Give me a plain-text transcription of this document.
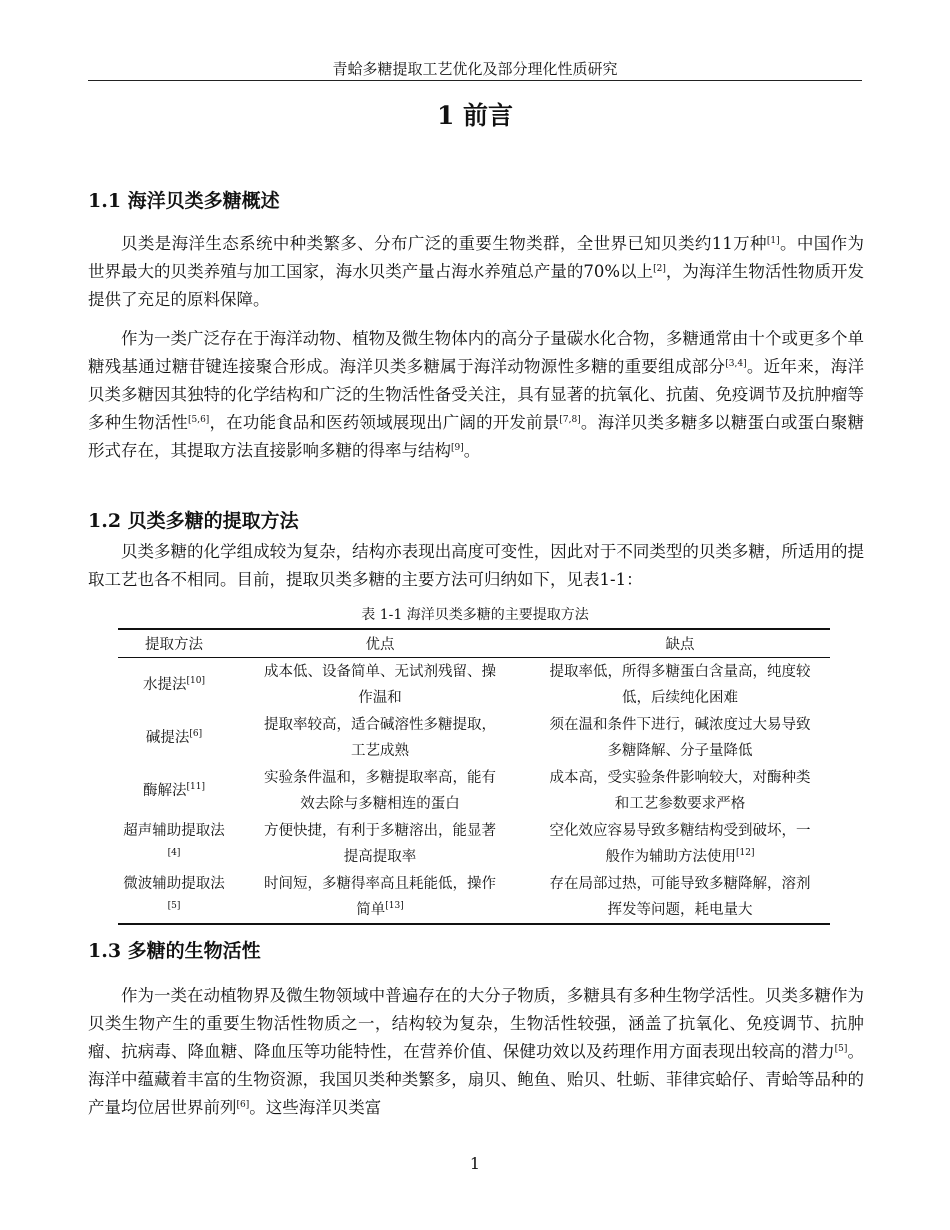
青蛤多糖提取工艺优化及部分理化性质研究
1 前言
1.1 海洋贝类多糖概述
贝类是海洋生态系统中种类繁多、分布广泛的重要生物类群，全世界已知贝类约11万种[1]。中国作为世界最大的贝类养殖与加工国家，海水贝类产量占海水养殖总产量的70%以上[2]，为海洋生物活性物质开发提供了充足的原料保障。
作为一类广泛存在于海洋动物、植物及微生物体内的高分子量碳水化合物，多糖通常由十个或更多个单糖残基通过糖苷键连接聚合形成。海洋贝类多糖属于海洋动物源性多糖的重要组成部分[3,4]。近年来，海洋贝类多糖因其独特的化学结构和广泛的生物活性备受关注，具有显著的抗氧化、抗菌、免疫调节及抗肿瘤等多种生物活性[5,6]，在功能食品和医药领域展现出广阔的开发前景[7,8]。海洋贝类多糖多以糖蛋白或蛋白聚糖形式存在，其提取方法直接影响多糖的得率与结构[9]。
1.2 贝类多糖的提取方法
贝类多糖的化学组成较为复杂，结构亦表现出高度可变性，因此对于不同类型的贝类多糖，所适用的提取工艺也各不相同。目前，提取贝类多糖的主要方法可归纳如下，见表1-1：
表 1-1 海洋贝类多糖的主要提取方法
提取方法	优点	缺点
水提法[10]	成本低、设备简单、无试剂残留、操作温和	提取率低，所得多糖蛋白含量高，纯度较低，后续纯化困难

碱提法[6]	提取率较高，适合碱溶性多糖提取，工艺成熟	须在温和条件下进行，碱浓度过大易导致多糖降解、分子量降低

酶解法[11]	实验条件温和，多糖提取率高，能有效去除与多糖相连的蛋白	成本高，受实验条件影响较大，对酶种类和工艺参数要求严格

超声辅助提取法[4]	方便快捷，有利于多糖溶出，能显著提高提取率	空化效应容易导致多糖结构受到破坏，一般作为辅助方法使用[12]

微波辅助提取法[5]	时间短，多糖得率高且耗能低，操作简单[13]	存在局部过热，可能导致多糖降解，溶剂挥发等问题，耗电量大
1.3 多糖的生物活性
作为一类在动植物界及微生物领域中普遍存在的大分子物质，多糖具有多种生物学活性。贝类多糖作为贝类生物产生的重要生物活性物质之一，结构较为复杂，生物活性较强，涵盖了抗氧化、免疫调节、抗肿瘤、抗病毒、降血糖、降血压等功能特性，在营养价值、保健功效以及药理作用方面表现出较高的潜力[5]。海洋中蕴藏着丰富的生物资源，我国贝类种类繁多，扇贝、鲍鱼、贻贝、牡蛎、菲律宾蛤仔、青蛤等品种的产量均位居世界前列[6]。这些海洋贝类富
1
